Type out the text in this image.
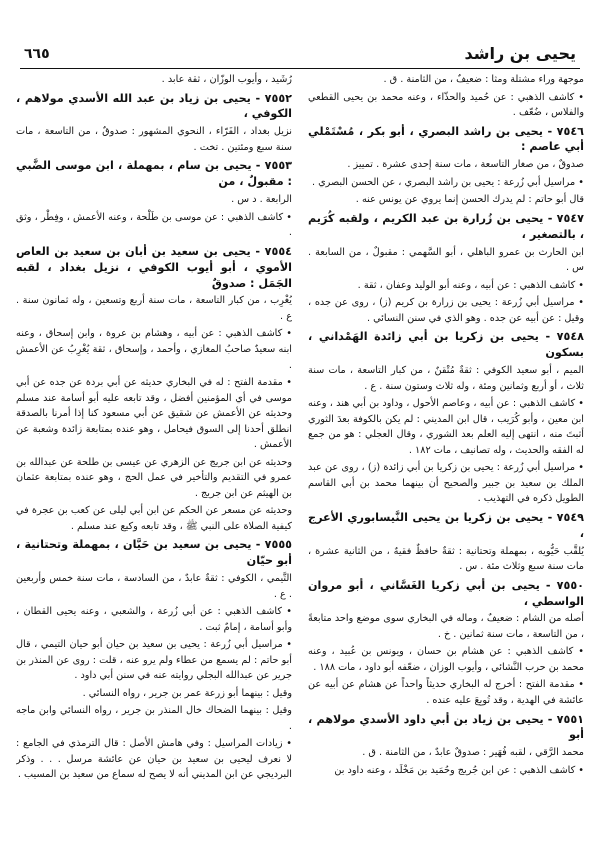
يحيى بن راشد
٦٦٥

موجهة وراء مشتلة ومثا : ضعيفٌ ، من الثامنة . ق .

• كاشف الذهبي : عن حُميد والحذّاء ، وعنه محمد بن يحيى القطعي والفلاس ، ضُعّف .

٧٥٤٦ - يحيى بن راشد البصري ، أبو بكر ، مُسْتَمْلي أبي عاصم :

صدوقٌ ، من صغار التاسعة ، مات سنة إحدى عشرة . تمييز .

• مراسيل أبي زُرعة : يحيى بن راشد البصري ، عن الحسن البصري .

قال أبو حاتم : لم يدرك الحسن إنما يروي عن يونس عنه .

٧٥٤٧ - يحيى بن زُرارة بن عبد الكريم ، ولقبه كُرَيم ، بالتصغير ،

ابن الحارث بن عمرو الباهلي ، أبو السَّهمي : مقبولٌ ، من السابعة . س .

• كاشف الذهبي : عن أبيه ، وعنه أبو الوليد وعفان ، ثقة .

• مراسيل أبي زُرعة : يحيى بن زرارة بن كريم (ز) ، روى عن جده ، وقيل : عن أبيه عن جده . وهو الذي في سنن النسائي .

٧٥٤٨ - يحيى بن زكريا بن أبي زائدة الهَمْداني ، بسكون

الميم ، أبو سعيد الكوفي : ثقةٌ مُتْقنٌ ، من كبار التاسعة ، مات سنة ثلاث ، أو أربع وثمانين ومئة ، وله ثلاث وستون سنة . ع .

• كاشف الذهبي : عن أبيه ، وعاصم الأحول ، وداود بن أبي هند ، وعنه ابن معين ، وأبو كُرَيب ، قال ابن المديني : لم يكن بالكوفة بعدَ الثوري أثبتَ منه ، انتهى إليه العلم بعد الشوري ، وقال العجلي : هو من جمع له الفقه والحديث ، وله تصانيف ، مات ١٨٢ .

• مراسيل أبي زُرعة : يحيى بن زكريا بن أبي زائدة (ز) ، روى عن عبد الملك بن سعيد بن جبير والصحيح أن بينهما محمد بن أبي القاسم الطويل ذكره في التهذيب .

٧٥٤٩ - يحيى بن زكريا بن يحيى النَّيسابوري الأعرج ،

يُلقَّب حَيُّويه ، بمهملة وتحتانية : ثقةٌ حافظٌ فقيهٌ ، من الثانية عشرة ، مات سنة سبع وثلاث مئة . س .

٧٥٥٠ - يحيى بن أبي زكريا الغَسَّاني ، أبو مروان الواسطي ،

أصله من الشام : ضعيفٌ ، وماله في البخاري سوى موضع واحد متابعةً ، من التاسعة ، مات سنة ثمانين . خ .

• كاشف الذهبي : عن هشام بن حسان ، ويونس بن عُبيد ، وعنه محمد بن حرب النَّشائي ، وأيوب الوزان ، ضعّفه أبو داود ، مات ١٨٨ .

• مقدمة الفتح : أخرج له البخاري حديثاً واحداً عن هشام عن أبيه عن عائشة في الهدية ، وقد تُوبِعَ عليه عنده .

٧٥٥١ - يحيى بن زياد بن أبي داود الأسدي مولاهم ، أبو

محمد الرَّقي ، لقبه فُهَير : صدوقٌ عابدٌ ، من الثامنة . ق .

• كاشف الذهبي : عن ابن جُريج وحُمَيد بن مَخْلَد ، وعنه داود بن

رُشَيد ، وأيوب الوزّان ، ثقة عابد .

٧٥٥٢ - يحيى بن زياد بن عبد الله الأسدي مولاهم ، الكوفي ،

نزيل بغداد ، الفَرّاء ، النحوي المشهور : صدوقٌ ، من التاسعة ، مات سنة سبع ومئتين . تخت .

٧٥٥٣ - يحيى بن سام ، بمهملة ، ابن موسى الضَّبي : مقبولٌ ، من

الرابعة . د س .

• كاشف الذهبي : عن موسى بن طَلْحة ، وعنه الأعمش ، وفِطْر ، وثق .

٧٥٥٤ - يحيى بن سعيد بن أبان بن سعيد بن العاص الأموي ، أبو أيوب الكوفي ، نزيل بغداد ، لقبه الجَمَل : صدوقٌ

يُغْرِب ، من كبار التاسعة ، مات سنة أربع وتسعين ، وله ثمانون سنة . ع .

• كاشف الذهبي : عن أبيه ، وهشام بن عروة ، وابن إسحاق ، وعنه ابنه سعيدٌ صاحبُ المغازي ، وأحمد ، وإسحاق ، ثقة يُغْرِبُ عن الأعمش .

• مقدمة الفتح : له في البخاري حديثه عن أبي بردة عن جده عن أبي موسى في أي المؤمنين أفضل ، وقد تابعه عليه أبو أسامة عند مسلم وحديثه عن الأعمش عن شقيق عن أبي مسعود كنا إذا أمرنا بالصدقة انطلق أحدنا إلى السوق فيحامل ، وهو عنده بمتابعة زائدة وشعبة عن الأعمش .

وحديثه عن ابن جريج عن الزهري عن عيسى بن طلحة عن عبدالله بن عمرو في التقديم والتأخير في عمل الحج ، وهو عنده بمتابعة عثمان بن الهيثم عن ابن جريج .

وحديثه عن مسعر عن الحكم عن ابن أبي ليلى عن كعب بن عجرة في كيفية الصلاة على النبي ﷺ ، وقد تابعه وكيع عند مسلم .

٧٥٥٥ - يحيى بن سعيد بن حَيَّان ، بمهملة وتحتانية ، أبو حيّان

التَّيمي ، الكوفي : ثقةٌ عابدٌ ، من السادسة ، مات سنة خمس وأربعين . ع .

• كاشف الذهبي : عن أبي زُرعة ، والشعبي ، وعنه يحيى القطان ، وأبو أسامة ، إمامٌ ثبت .

• مراسيل أبي زُرعة : يحيى بن سعيد بن حيان أبو حيان التيمي ، قال أبو حاتم : لم يسمع من عطاء ولم يرو عنه ، قلت : روى عن المنذر بن جرير عن عبدالله البجلي روايته عنه في سنن أبي داود .

وقيل : بينهما أبو زرعة عمر بن جرير ، رواه النسائي .

وقيل : بينهما الضحاك خال المنذر بن جرير ، رواه النسائي وابن ماجه .

• زيادات المراسيل : وفي هامش الأصل : قال الترمذي في الجامع : لا نعرف ليحيى بن سعيد بن حيان عن عائشة مرسل . . . وذكر البرديجي عن ابن المديني أنه لا يصح له سماع من سعيد بن المسيب .
